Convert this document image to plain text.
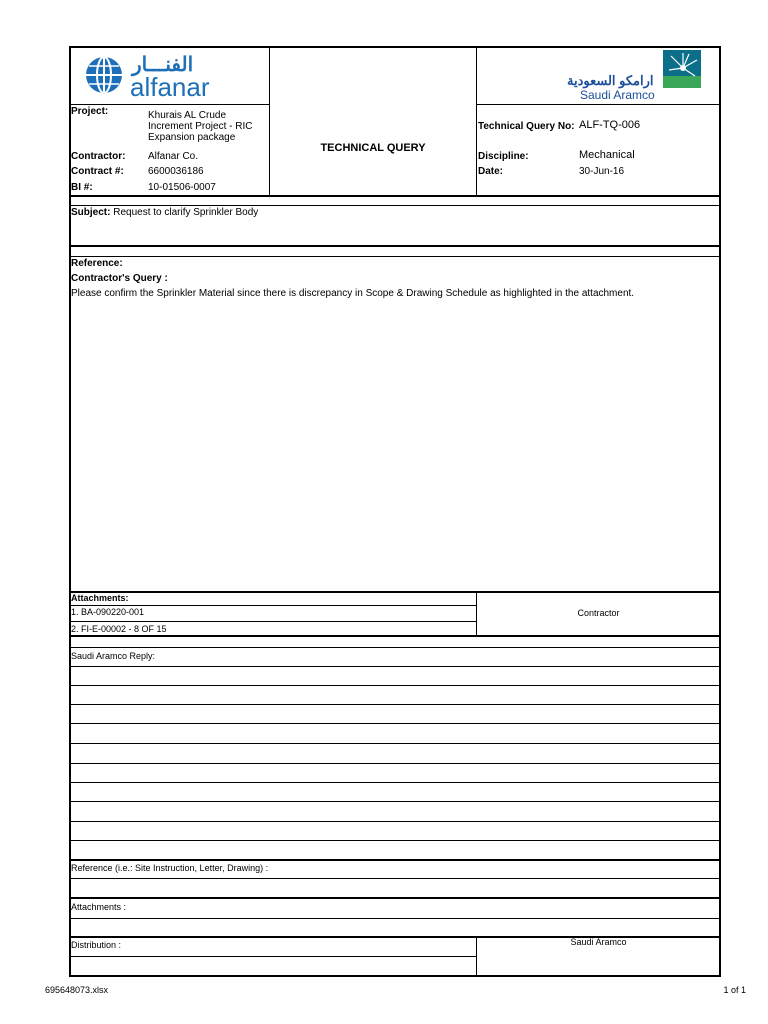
الفنـــار
alfanar	ارامكو السعودية
Saudi Aramco
Project:	Khurais AL Crude
Increment Project - RIC
Expansion package
Contractor: Alfanar Co.
Contract #: 6600036186
BI #:	10-01506-0007
TECHNICAL QUERY
Technical Query No: ALF-TQ-006
Discipline:	Mechanical
Date:	30-Jun-16
Subject: Request to clarify Sprinkler Body
Reference:
Contractor's Query :
Please confirm the Sprinkler Material since there is discrepancy in Scope & Drawing Schedule as highlighted in the attachment.
Attachments:
1. BA-090220-001
2. FI-E-00002 - 8 OF 15
Contractor
Saudi Aramco Reply:
Reference (i.e.: Site Instruction, Letter, Drawing) :
Attachments :
Distribution :	Saudi Aramco
695648073.xlsx	1 of 1
